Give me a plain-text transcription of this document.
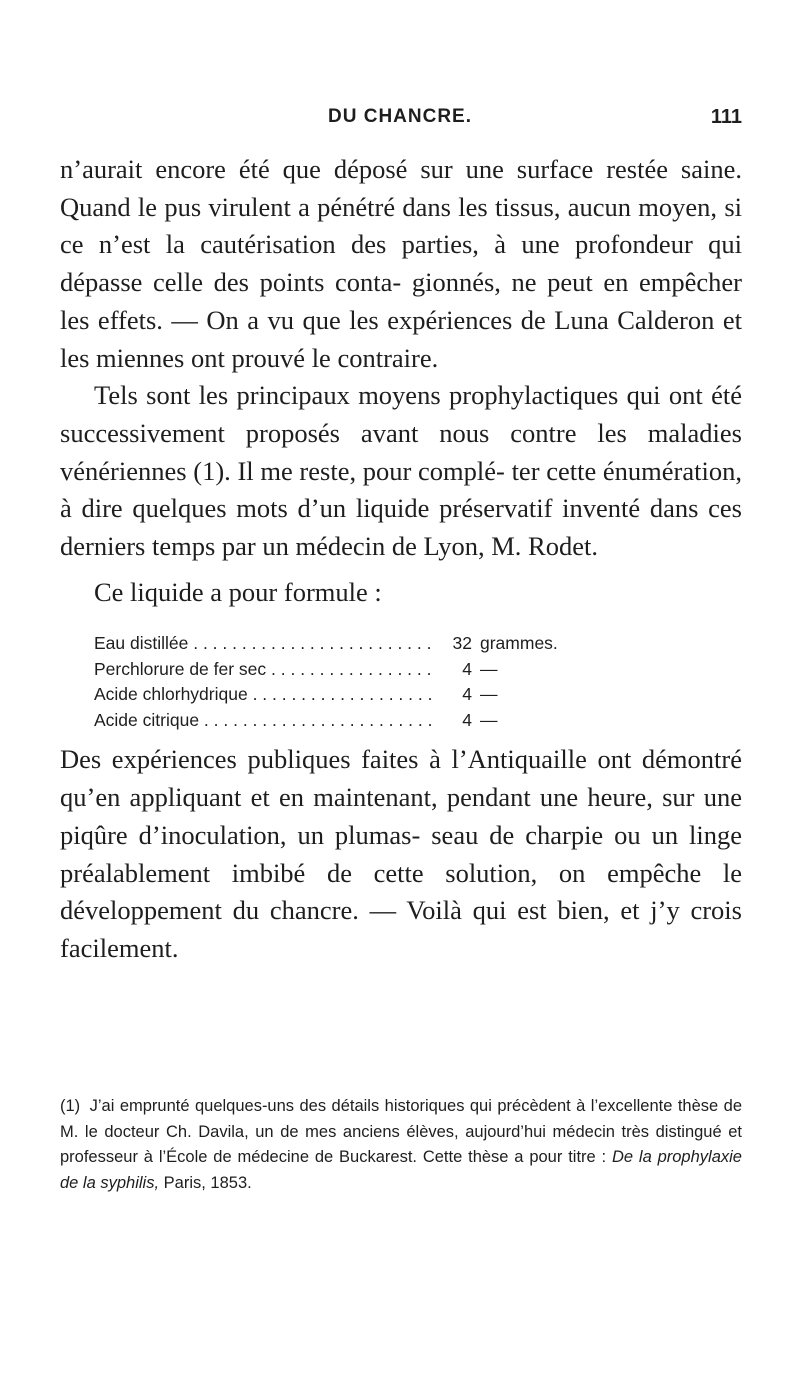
DU CHANCRE.	111

n’aurait encore été que déposé sur une surface restée saine. Quand le pus virulent a pénétré dans les tissus, aucun moyen, si ce n’est la cautérisation des parties, à une profondeur qui dépasse celle des points conta- gionnés, ne peut en empêcher les effets. — On a vu que les expériences de Luna Calderon et les miennes ont prouvé le contraire.

Tels sont les principaux moyens prophylactiques qui ont été successivement proposés avant nous contre les maladies vénériennes (1). Il me reste, pour complé- ter cette énumération, à dire quelques mots d’un liquide préservatif inventé dans ces derniers temps par un médecin de Lyon, M. Rodet.

Ce liquide a pour formule :

Eau distillée . . .	32 grammes.
Perchlorure de fer sec . . .	4 —
Acide chlorhydrique . . .	4 —
Acide citrique . . .	4 —

Des expériences publiques faites à l’Antiquaille ont démontré qu’en appliquant et en maintenant, pendant une heure, sur une piqûre d’inoculation, un plumas- seau de charpie ou un linge préalablement imbibé de cette solution, on empêche le développement du chancre. — Voilà qui est bien, et j’y crois facilement.

(1) J’ai emprunté quelques-uns des détails historiques qui précèdent à l’excellente thèse de M. le docteur Ch. Davila, un de mes anciens élèves, aujourd’hui médecin très distingué et professeur à l’École de médecine de Buckarest. Cette thèse a pour titre : De la prophylaxie de la syphilis, Paris, 1853.
